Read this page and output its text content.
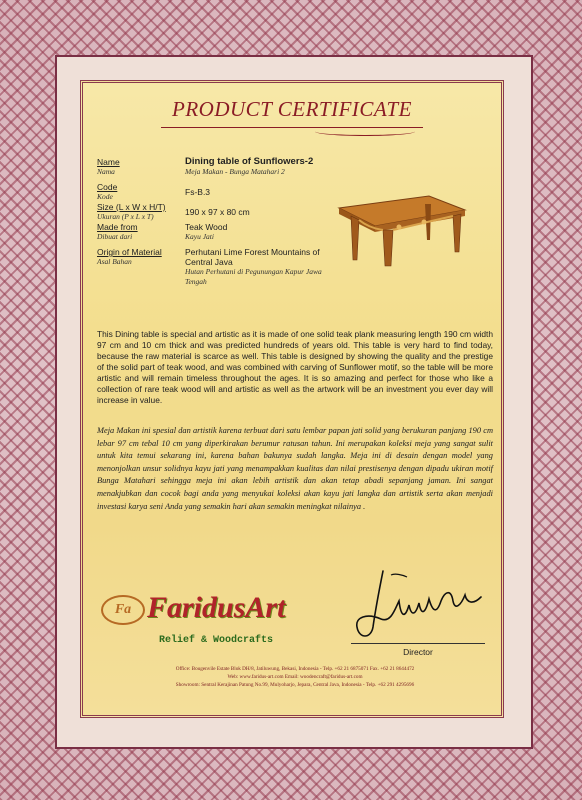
PRODUCT CERTIFICATE
Name
Nama
Dining table of Sunflowers-2
Meja Makan - Bunga Matahari 2
Code
Kode	Fs-B.3
Size (L x W x H/T)
Ukuran (P x L x T)	190 x 97 x 80 cm
Made from
Dibuat dari
Teak Wood
Kayu Jati
Origin of Material
Asal Bahan
Perhutani Lime Forest Mountains of Central Java
Hutan Perhutani di Pegunungan Kapur Jawa Tengah
This Dining table is special and artistic as it is made of one solid teak plank measuring length 190 cm width 97 cm and 10 cm thick and was predicted hundreds of years old. This table is very hard to find today, because the raw material is scarce as well. This table is designed by showing the quality and the prestige of the solid part of teak wood, and was combined with carving of Sunflower motif, so the table will be more artistic and will remain timeless throughout the ages. It is so amazing and perfect for those who like a collection of rare teak wood will and artistic as well as the artwork will be an investment you ever day will increase in value.
Meja Makan ini spesial dan artistik karena terbuat dari satu lembar papan jati solid yang berukuran panjang 190 cm lebar 97 cm tebal 10 cm yang diperkirakan berumur ratusan tahun. Ini merupakan koleksi meja yang sangat sulit untuk kita temui sekarang ini, karena bahan bakunya sudah langka. Meja ini di desain dengan model yang menonjolkan unsur solidnya kayu jati yang menampakkan kualitas dan nilai prestisenya dengan dipadu ukiran motif Bunga Matahari sehingga meja ini akan lebih artistik dan akan tetap abadi sepanjang jaman. Ini sangat menakjubkan dan cocok bagi anda yang menyukai koleksi akan kayu jati langka dan artistik serta akan menjadi investasi karya seni Anda yang semakin hari akan semakin meningkat nilainya .
Fa FaridusArt
Relief & Woodcrafts
Director
Office: Bougenvile Estate Blok DH/8, Jatiluwung, Bekasi, Indonesia - Telp. +62 21 6875071 Fax. +62 21 8644472
Web: www.faridus-art.com Email: woodencraft@faridus-art.com
Showroom: Sentral Kerajinan Patung No.99, Mulyoharjo, Jepara, Central Java, Indonesia - Telp. +62 291 4295696
